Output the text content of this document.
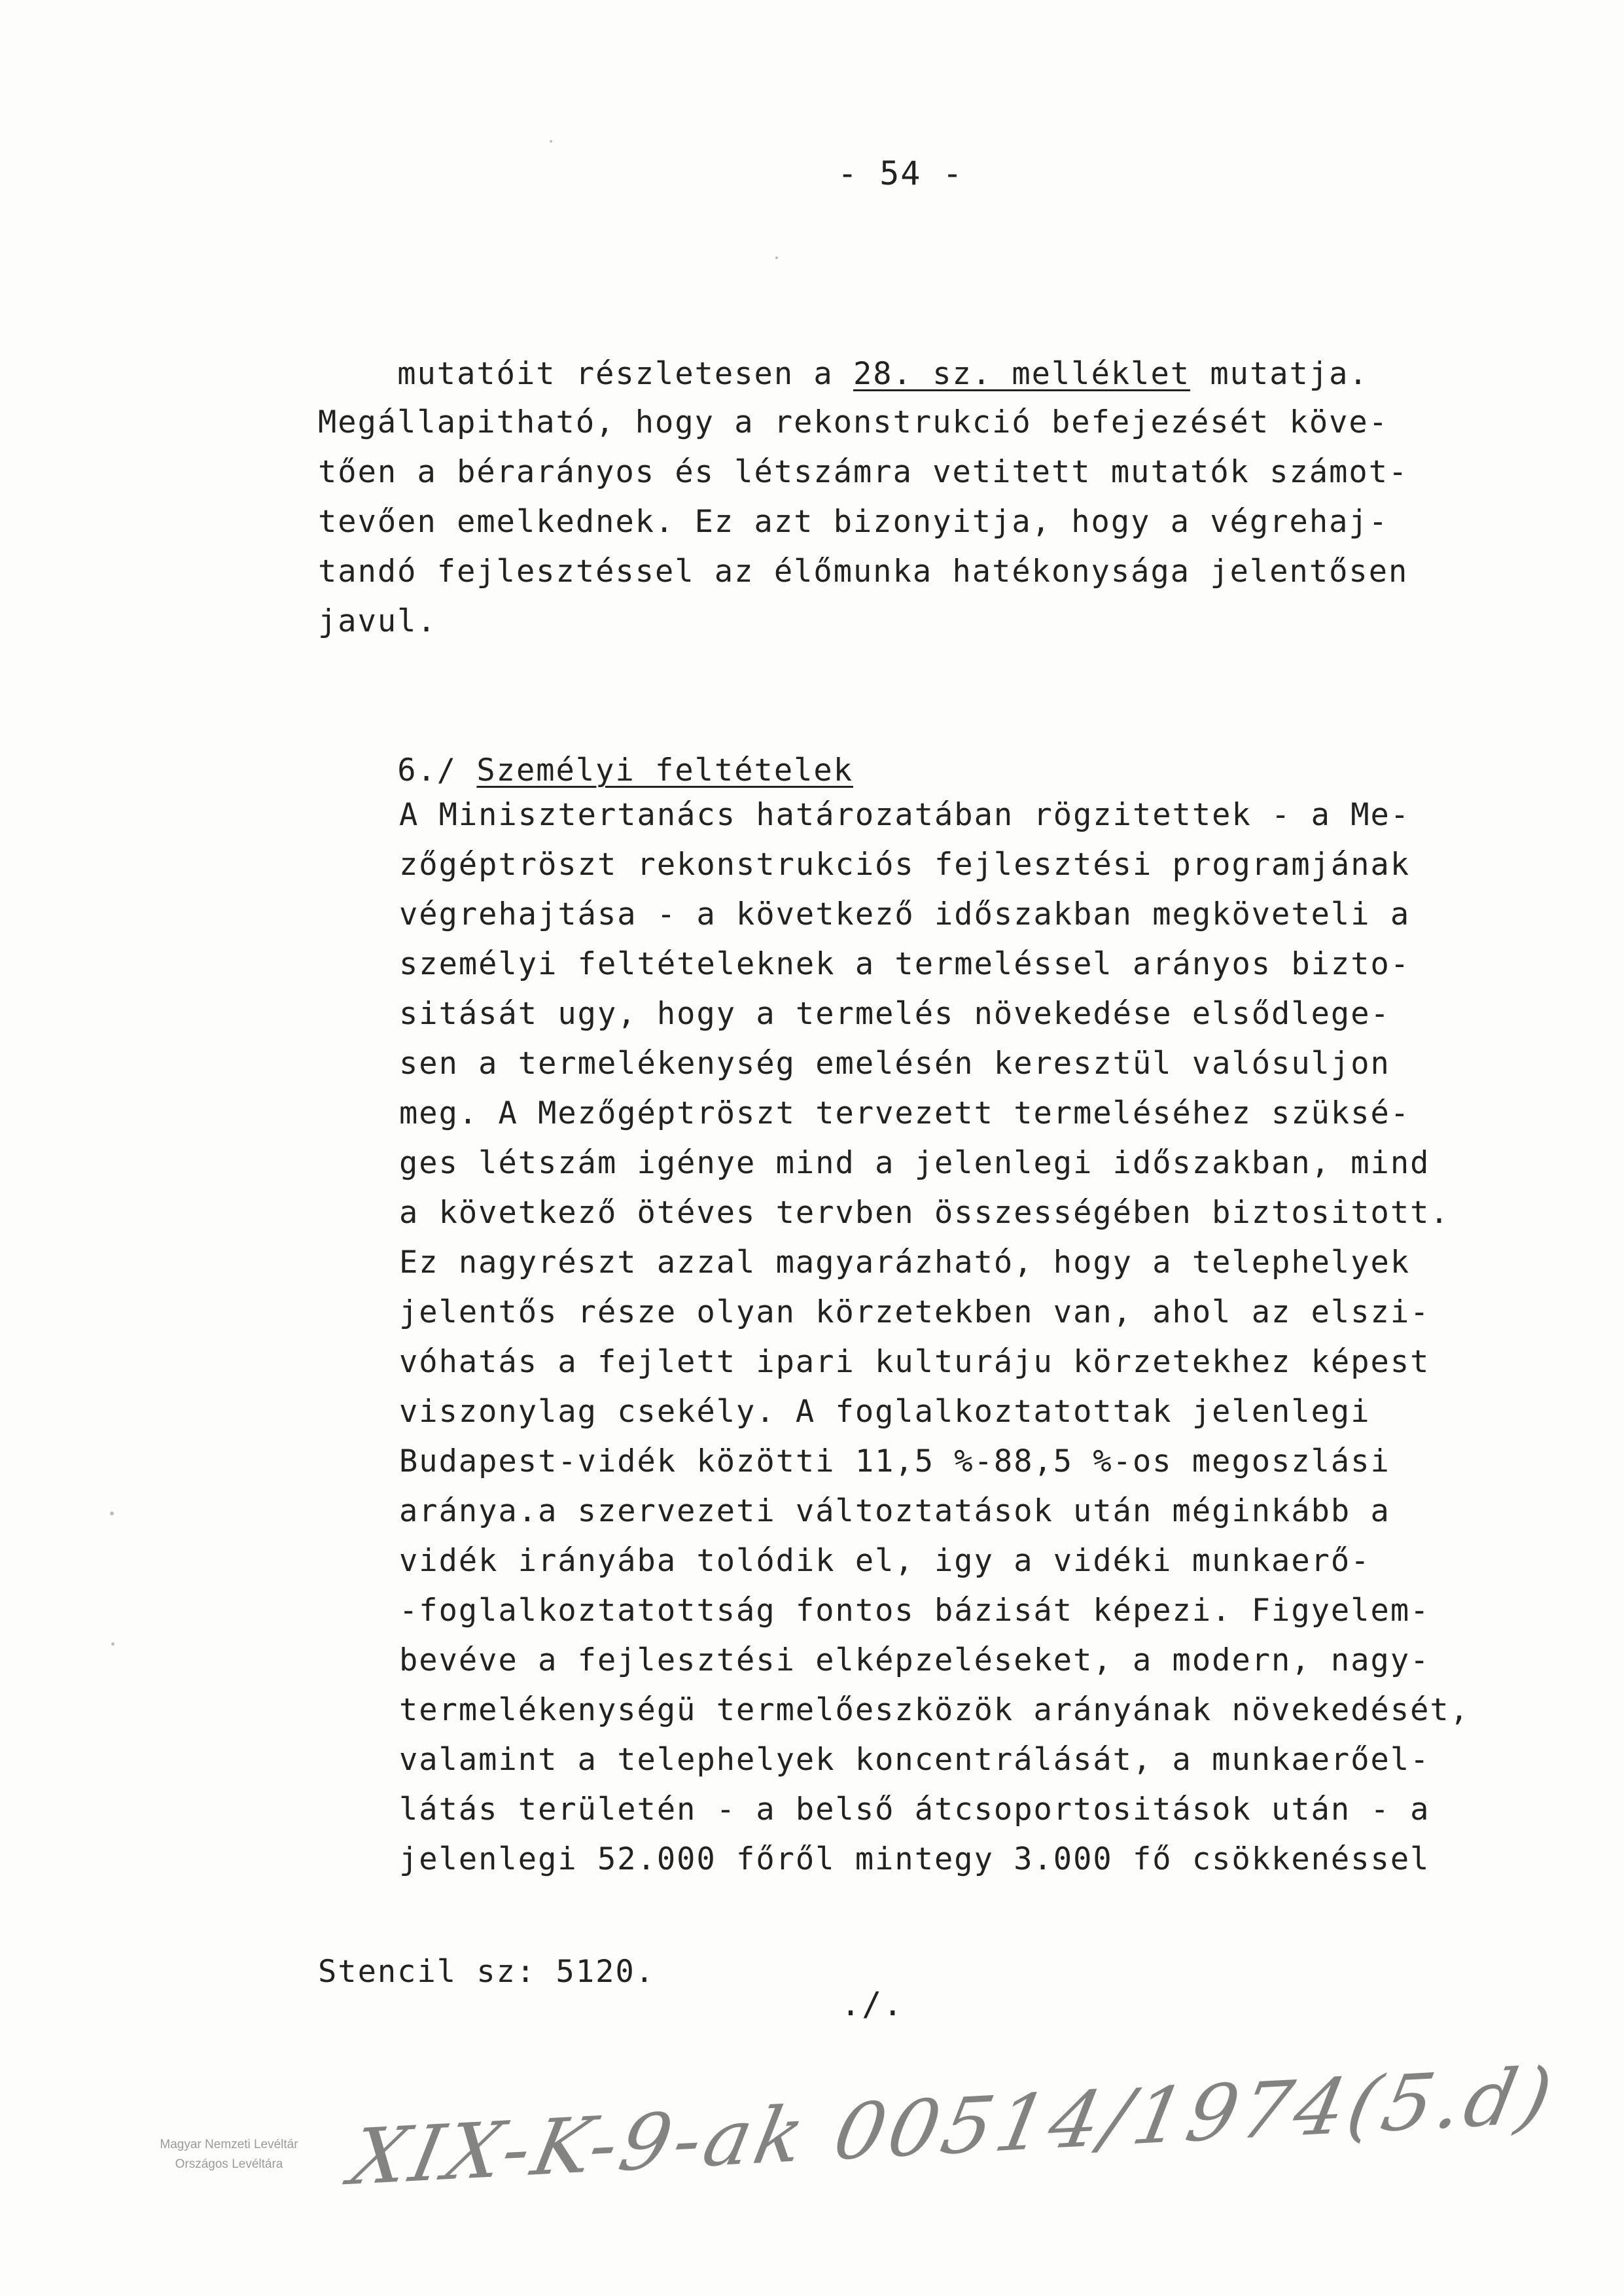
- 54 -

mutatóit részletesen a 28. sz. melléklet mutatja.

Megállapitható, hogy a rekonstrukció befejezését köve-
tően a bérarányos és létszámra vetitett mutatók számot-
tevően emelkednek. Ez azt bizonyitja, hogy a végrehaj-
tandó fejlesztéssel az élőmunka hatékonysága jelentősen
javul.

6./ Személyi feltételek

A Minisztertanács határozatában rögzitettek - a Me-
zőgéptröszt rekonstrukciós fejlesztési programjának
végrehajtása - a következő időszakban megköveteli a
személyi feltételeknek a termeléssel arányos bizto-
sitását ugy, hogy a termelés növekedése elsődlege-
sen a termelékenység emelésén keresztül valósuljon
meg. A Mezőgéptröszt tervezett termeléséhez szüksé-
ges létszám igénye mind a jelenlegi időszakban, mind
a következő ötéves tervben összességében biztositott.
Ez nagyrészt azzal magyarázható, hogy a telephelyek
jelentős része olyan körzetekben van, ahol az elszi-
vóhatás a fejlett ipari kulturáju körzetekhez képest
viszonylag csekély. A foglalkoztatottak jelenlegi
Budapest-vidék közötti 11,5 %-88,5 %-os megoszlási
aránya.a szervezeti változtatások után méginkább a
vidék irányába tolódik el, igy a vidéki munkaerő-
-foglalkoztatottság fontos bázisát képezi. Figyelem-
bevéve a fejlesztési elképzeléseket, a modern, nagy-
termelékenységü termelőeszközök arányának növekedését,
valamint a telephelyek koncentrálását, a munkaerőel-
látás területén - a belső átcsoportositások után - a
jelenlegi 52.000 főről mintegy 3.000 fő csökkenéssel
Stencil sz: 5120.
./.
Magyar Nemzeti Levéltár
Országos Levéltára XIX-K-9-ak 00514/1974(5.d)
